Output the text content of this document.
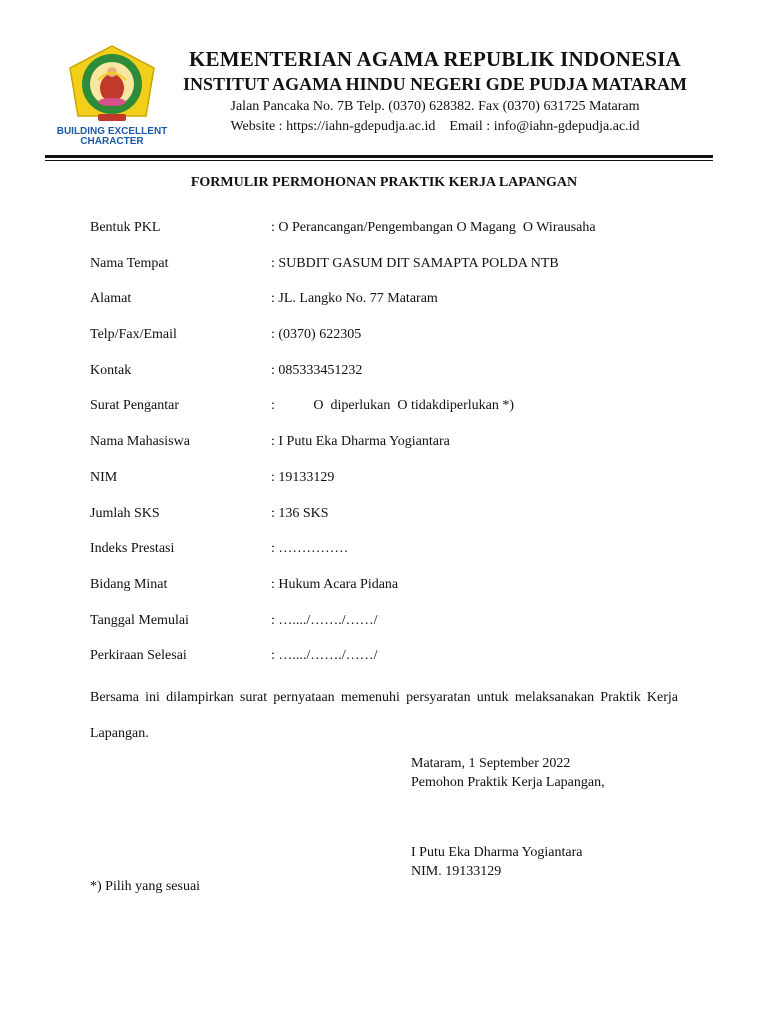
BUILDING EXCELLENT
CHARACTER
KEMENTERIAN AGAMA REPUBLIK INDONESIA
INSTITUT AGAMA HINDU NEGERI GDE PUDJA MATARAM
Jalan Pancaka No. 7B Telp. (0370) 628382. Fax (0370) 631725 Mataram
Website : https://iahn-gdepudja.ac.id Email : info@iahn-gdepudja.ac.id
FORMULIR PERMOHONAN PRAKTIK KERJA LAPANGAN
Bentuk PKL	: O Perancangan/Pengembangan O Magang  O Wirausaha
Nama Tempat	: SUBDIT GASUM DIT SAMAPTA POLDA NTB
Alamat	: JL. Langko No. 77 Mataram
Telp/Fax/Email	: (0370) 622305
Kontak	: 085333451232
Surat Pengantar	:           O  diperlukan  O tidakdiperlukan *)
Nama Mahasiswa	: I Putu Eka Dharma Yogiantara
NIM	: 19133129
Jumlah SKS	: 136 SKS
Indeks Prestasi	: ……………
Bidang Minat	: Hukum Acara Pidana
Tanggal Memulai	: …..../……./……/
Perkiraan Selesai	: …..../……./……/
Bersama ini dilampirkan surat pernyataan memenuhi persyaratan untuk melaksanakan Praktik Kerja Lapangan.
Mataram, 1 September 2022
Pemohon Praktik Kerja Lapangan,
I Putu Eka Dharma Yogiantara
NIM. 19133129
*) Pilih yang sesuai
